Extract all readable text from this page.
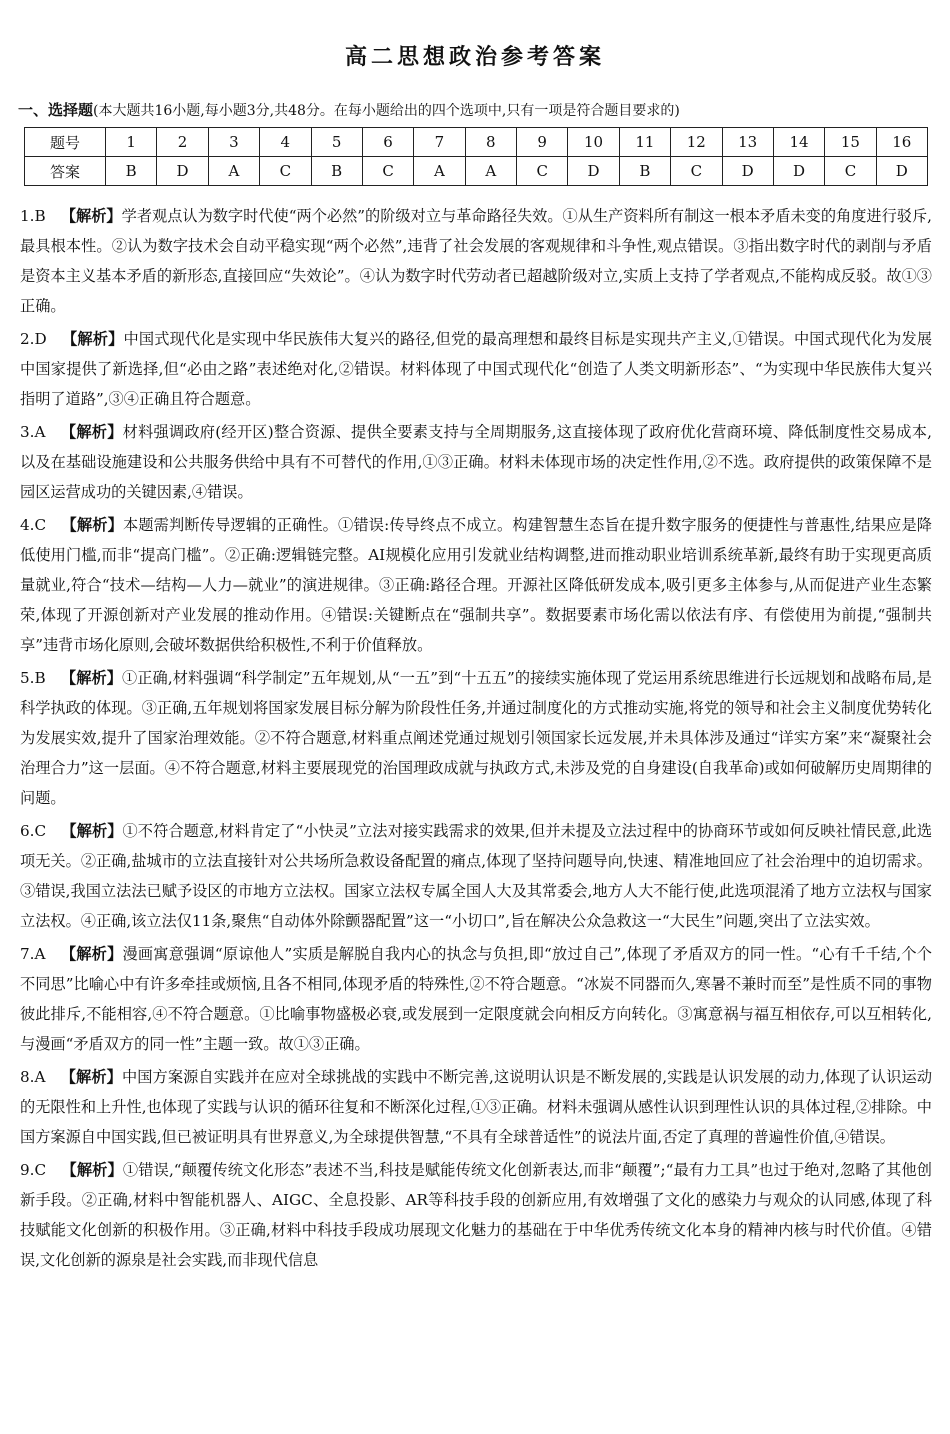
高二思想政治参考答案
一、选择题(本大题共16小题,每小题3分,共48分。在每小题给出的四个选项中,只有一项是符合题目要求的)
题号	1	2	3	4	5	6	7	8	9	10	11	12	13	14	15	16
答案	B	D	A	C	B	C	A	A	C	D	B	C	D	D	C	D

1.B  【解析】学者观点认为数字时代使“两个必然”的阶级对立与革命路径失效。①从生产资料所有制这一根本矛盾未变的角度进行驳斥,最具根本性。②认为数字技术会自动平稳实现“两个必然”,违背了社会发展的客观规律和斗争性,观点错误。③指出数字时代的剥削与矛盾是资本主义基本矛盾的新形态,直接回应“失效论”。④认为数字时代劳动者已超越阶级对立,实质上支持了学者观点,不能构成反驳。故①③正确。

2.D  【解析】中国式现代化是实现中华民族伟大复兴的路径,但党的最高理想和最终目标是实现共产主义,①错误。中国式现代化为发展中国家提供了新选择,但“必由之路”表述绝对化,②错误。材料体现了中国式现代化“创造了人类文明新形态”、“为实现中华民族伟大复兴指明了道路”,③④正确且符合题意。

3.A  【解析】材料强调政府(经开区)整合资源、提供全要素支持与全周期服务,这直接体现了政府优化营商环境、降低制度性交易成本,以及在基础设施建设和公共服务供给中具有不可替代的作用,①③正确。材料未体现市场的决定性作用,②不选。政府提供的政策保障不是园区运营成功的关键因素,④错误。

4.C  【解析】本题需判断传导逻辑的正确性。①错误:传导终点不成立。构建智慧生态旨在提升数字服务的便捷性与普惠性,结果应是降低使用门槛,而非“提高门槛”。②正确:逻辑链完整。AI规模化应用引发就业结构调整,进而推动职业培训系统革新,最终有助于实现更高质量就业,符合“技术—结构—人力—就业”的演进规律。③正确:路径合理。开源社区降低研发成本,吸引更多主体参与,从而促进产业生态繁荣,体现了开源创新对产业发展的推动作用。④错误:关键断点在“强制共享”。数据要素市场化需以依法有序、有偿使用为前提,“强制共享”违背市场化原则,会破坏数据供给积极性,不利于价值释放。

5.B  【解析】①正确,材料强调“科学制定”五年规划,从“一五”到“十五五”的接续实施体现了党运用系统思维进行长远规划和战略布局,是科学执政的体现。③正确,五年规划将国家发展目标分解为阶段性任务,并通过制度化的方式推动实施,将党的领导和社会主义制度优势转化为发展实效,提升了国家治理效能。②不符合题意,材料重点阐述党通过规划引领国家长远发展,并未具体涉及通过“详实方案”来“凝聚社会治理合力”这一层面。④不符合题意,材料主要展现党的治国理政成就与执政方式,未涉及党的自身建设(自我革命)或如何破解历史周期律的问题。

6.C  【解析】①不符合题意,材料肯定了“小快灵”立法对接实践需求的效果,但并未提及立法过程中的协商环节或如何反映社情民意,此选项无关。②正确,盐城市的立法直接针对公共场所急救设备配置的痛点,体现了坚持问题导向,快速、精准地回应了社会治理中的迫切需求。③错误,我国立法法已赋予设区的市地方立法权。国家立法权专属全国人大及其常委会,地方人大不能行使,此选项混淆了地方立法权与国家立法权。④正确,该立法仅11条,聚焦“自动体外除颤器配置”这一“小切口”,旨在解决公众急救这一“大民生”问题,突出了立法实效。

7.A  【解析】漫画寓意强调“原谅他人”实质是解脱自我内心的执念与负担,即“放过自己”,体现了矛盾双方的同一性。“心有千千结,个个不同思”比喻心中有许多牵挂或烦恼,且各不相同,体现矛盾的特殊性,②不符合题意。“冰炭不同器而久,寒暑不兼时而至”是性质不同的事物彼此排斥,不能相容,④不符合题意。①比喻事物盛极必衰,或发展到一定限度就会向相反方向转化。③寓意祸与福互相依存,可以互相转化,与漫画“矛盾双方的同一性”主题一致。故①③正确。

8.A  【解析】中国方案源自实践并在应对全球挑战的实践中不断完善,这说明认识是不断发展的,实践是认识发展的动力,体现了认识运动的无限性和上升性,也体现了实践与认识的循环往复和不断深化过程,①③正确。材料未强调从感性认识到理性认识的具体过程,②排除。中国方案源自中国实践,但已被证明具有世界意义,为全球提供智慧,“不具有全球普适性”的说法片面,否定了真理的普遍性价值,④错误。

9.C  【解析】①错误,“颠覆传统文化形态”表述不当,科技是赋能传统文化创新表达,而非“颠覆”;“最有力工具”也过于绝对,忽略了其他创新手段。②正确,材料中智能机器人、AIGC、全息投影、AR等科技手段的创新应用,有效增强了文化的感染力与观众的认同感,体现了科技赋能文化创新的积极作用。③正确,材料中科技手段成功展现文化魅力的基础在于中华优秀传统文化本身的精神内核与时代价值。④错误,文化创新的源泉是社会实践,而非现代信息
